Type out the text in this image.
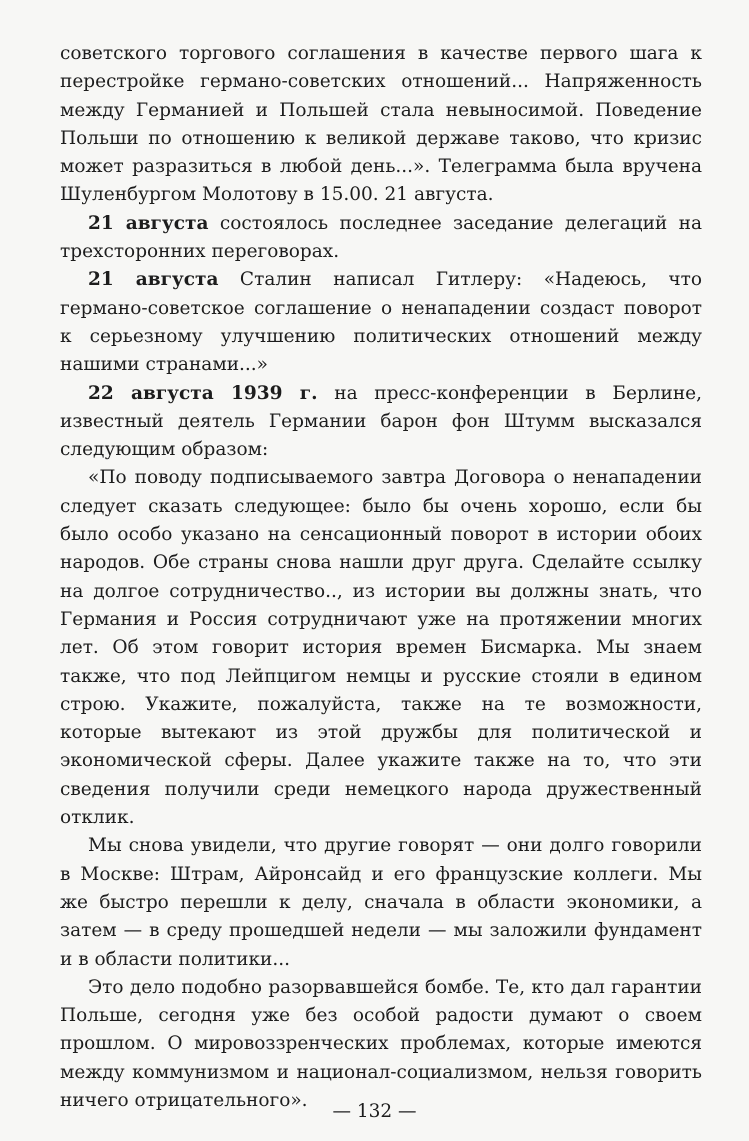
советского торгового соглашения в качестве первого шага к перестройке германо-советских отношений... Напряженность между Германией и Польшей стала невыносимой. Поведение Польши по отношению к великой державе таково, что кризис может разразиться в любой день...». Телеграмма была вручена Шуленбургом Молотову в 15.00. 21 августа.

21 августа состоялось последнее заседание делегаций на трехсторонних переговорах.

21 августа Сталин написал Гитлеру: «Надеюсь, что германо-советское соглашение о ненападении создаст поворот к серьезному улучшению политических отношений между нашими странами...»

22 августа 1939 г. на пресс-конференции в Берлине, известный деятель Германии барон фон Штумм высказался следующим образом:

«По поводу подписываемого завтра Договора о ненападении следует сказать следующее: было бы очень хорошо, если бы было особо указано на сенсационный поворот в истории обоих народов. Обе страны снова нашли друг друга. Сделайте ссылку на долгое сотрудничество.., из истории вы должны знать, что Германия и Россия сотрудничают уже на протяжении многих лет. Об этом говорит история времен Бисмарка. Мы знаем также, что под Лейпцигом немцы и русские стояли в едином строю. Укажите, пожалуйста, также на те возможности, которые вытекают из этой дружбы для политической и экономической сферы. Далее укажите также на то, что эти сведения получили среди немецкого народа дружественный отклик.

Мы снова увидели, что другие говорят — они долго говорили в Москве: Штрам, Айронсайд и его французские коллеги. Мы же быстро перешли к делу, сначала в области экономики, а затем — в среду прошедшей недели — мы заложили фундамент и в области политики...

Это дело подобно разорвавшейся бомбе. Те, кто дал гарантии Польше, сегодня уже без особой радости думают о своем прошлом. О мировоззренческих проблемах, которые имеются между коммунизмом и национал-социализмом, нельзя говорить ничего отрицательного».

— 132 —
